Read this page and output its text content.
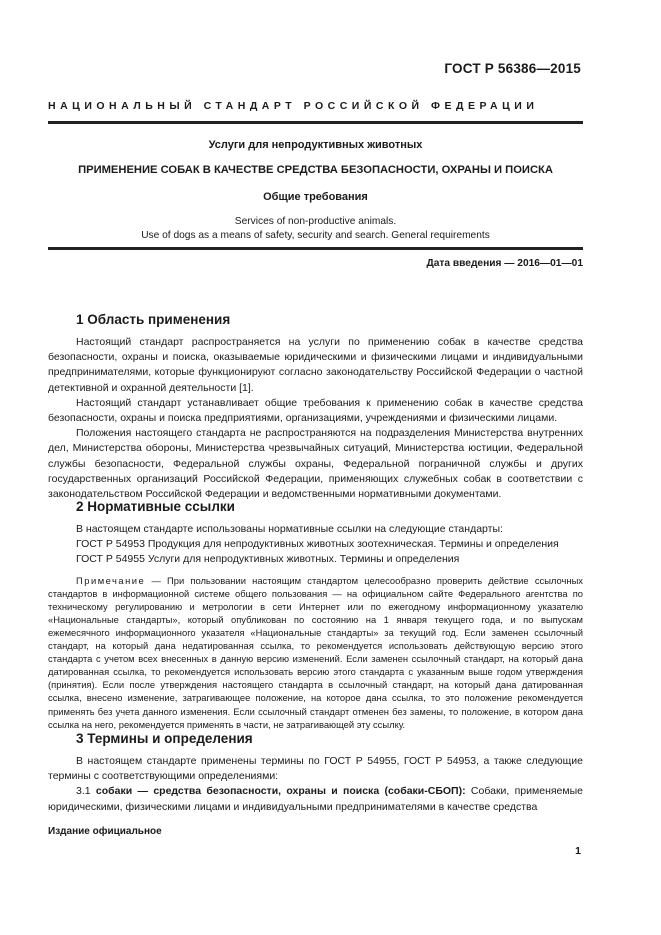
ГОСТ Р 56386—2015
НАЦИОНАЛЬНЫЙ СТАНДАРТ РОССИЙСКОЙ ФЕДЕРАЦИИ
Услуги для непродуктивных животных
ПРИМЕНЕНИЕ СОБАК В КАЧЕСТВЕ СРЕДСТВА БЕЗОПАСНОСТИ, ОХРАНЫ И ПОИСКА
Общие требования
Services of non-productive animals.
Use of dogs as a means of safety, security and search. General requirements
Дата введения — 2016—01—01
1 Область применения

Настоящий стандарт распространяется на услуги по применению собак в качестве средства безопасности, охраны и поиска, оказываемые юридическими и физическими лицами и индивидуальными предпринимателями, которые функционируют согласно законодательству Российской Федерации о частной детективной и охранной деятельности [1].

Настоящий стандарт устанавливает общие требования к применению собак в качестве средства безопасности, охраны и поиска предприятиями, организациями, учреждениями и физическими лицами.

Положения настоящего стандарта не распространяются на подразделения Министерства внутренних дел, Министерства обороны, Министерства чрезвычайных ситуаций, Министерства юстиции, Федеральной службы безопасности, Федеральной службы охраны, Федеральной пограничной службы и других государственных организаций Российской Федерации, применяющих служебных собак в соответствии с законодательством Российской Федерации и ведомственными нормативными документами.

2 Нормативные ссылки

В настоящем стандарте использованы нормативные ссылки на следующие стандарты:

ГОСТ Р 54953 Продукция для непродуктивных животных зоотехническая. Термины и определения

ГОСТ Р 54955 Услуги для непродуктивных животных. Термины и определения

Примечание — При пользовании настоящим стандартом целесообразно проверить действие ссылочных стандартов в информационной системе общего пользования — на официальном сайте Федерального агентства по техническому регулированию и метрологии в сети Интернет или по ежегодному информационному указателю «Национальные стандарты», который опубликован по состоянию на 1 января текущего года, и по выпускам ежемесячного информационного указателя «Национальные стандарты» за текущий год. Если заменен ссылочный стандарт, на который дана недатированная ссылка, то рекомендуется использовать действующую версию этого стандарта с учетом всех внесенных в данную версию изменений. Если заменен ссылочный стандарт, на который дана датированная ссылка, то рекомендуется использовать версию этого стандарта с указанным выше годом утверждения (принятия). Если после утверждения настоящего стандарта в ссылочный стандарт, на который дана датированная ссылка, внесено изменение, затрагивающее положение, на которое дана ссылка, то это положение рекомендуется применять без учета данного изменения. Если ссылочный стандарт отменен без замены, то положение, в котором дана ссылка на него, рекомендуется применять в части, не затрагивающей эту ссылку.

3 Термины и определения

В настоящем стандарте применены термины по ГОСТ Р 54955, ГОСТ Р 54953, а также следующие термины с соответствующими определениями:

3.1 собаки — средства безопасности, охраны и поиска (собаки-СБОП): Собаки, применяемые юридическими, физическими лицами и индивидуальными предпринимателями в качестве средства

Издание официальное
1
